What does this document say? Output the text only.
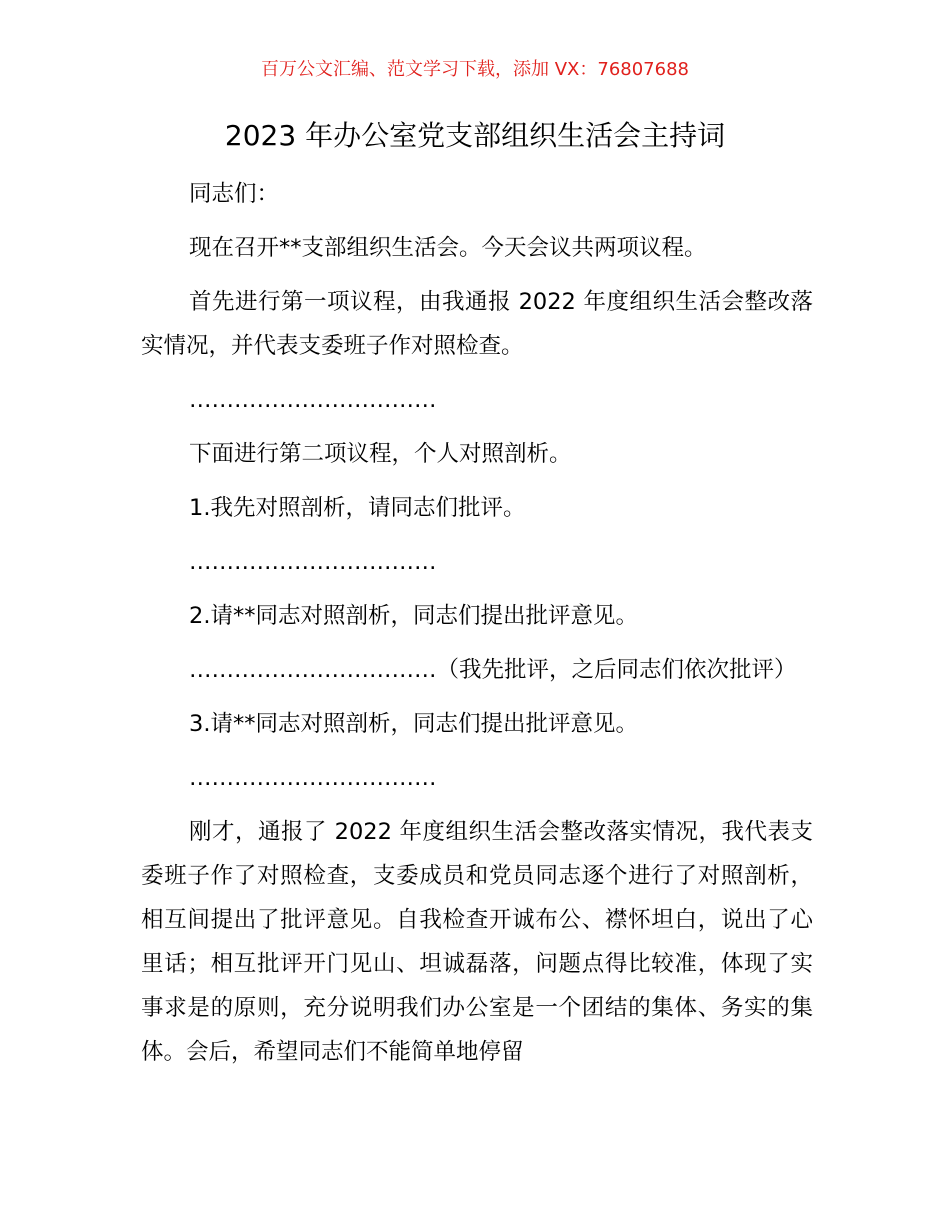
百万公文汇编、范文学习下载，添加 VX：76807688
2023 年办公室党支部组织生活会主持词

同志们：

现在召开**支部组织生活会。今天会议共两项议程。

首先进行第一项议程，由我通报 2022 年度组织生活会整改落实情况，并代表支委班子作对照检查。

……………………………

下面进行第二项议程，个人对照剖析。

1.我先对照剖析，请同志们批评。

……………………………

2.请**同志对照剖析，同志们提出批评意见。

……………………………（我先批评，之后同志们依次批评）

3.请**同志对照剖析，同志们提出批评意见。

……………………………

刚才，通报了 2022 年度组织生活会整改落实情况，我代表支委班子作了对照检查，支委成员和党员同志逐个进行了对照剖析，相互间提出了批评意见。自我检查开诚布公、襟怀坦白，说出了心里话；相互批评开门见山、坦诚磊落，问题点得比较准，体现了实事求是的原则，充分说明我们办公室是一个团结的集体、务实的集体。会后，希望同志们不能简单地停留
